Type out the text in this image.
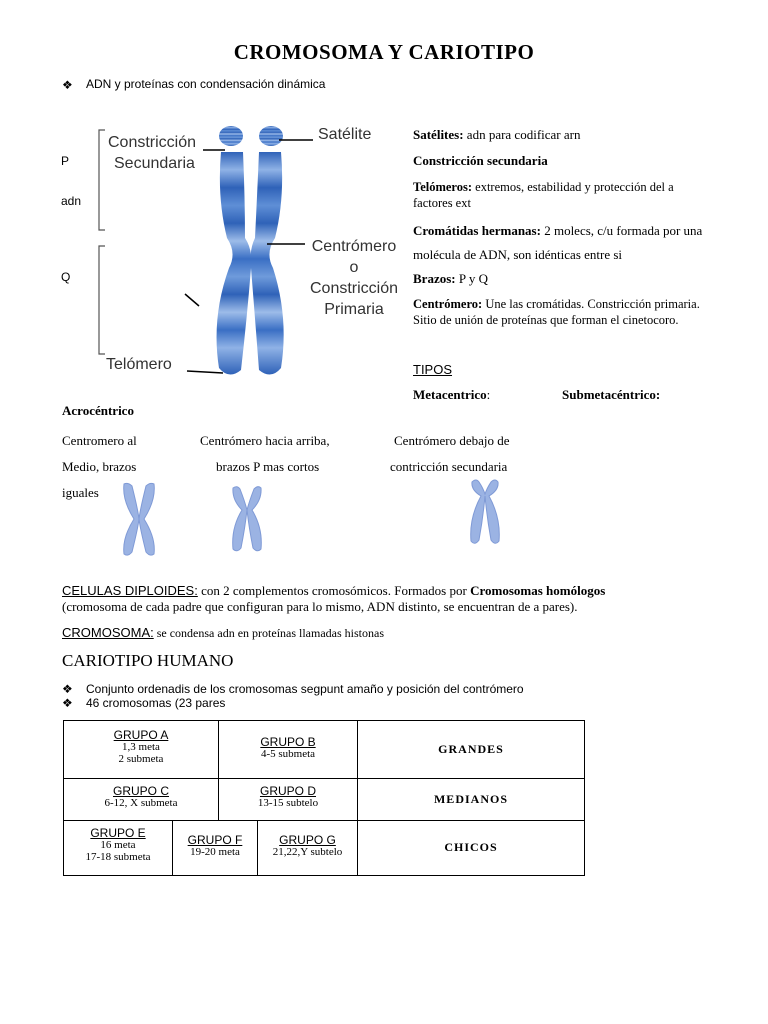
CROMOSOMA Y CARIOTIPO
❖ ADN y proteínas con condensación dinámica
P
adn
Q
Constricción
Secundaria
Satélite
Centrómero
o
Constricción
Primaria
Telómero
Satélites: adn para codificar arn
Constricción secundaria
Telómeros: extremos, estabilidad y protección del a factores ext
Cromátidas hermanas: 2 molecs, c/u formada por una molécula de ADN, son idénticas entre si
Brazos: P y Q
Centrómero: Une las cromátidas. Constricción primaria. Sitio de unión de proteínas que forman el cinetocoro.
TIPOS
Metacentrico:	Submetacéntrico:
Acrocéntrico
Centromero al
Medio, brazos
iguales
Centrómero hacia arriba,
brazos P mas cortos
Centrómero debajo de
contricción secundaria
CELULAS DIPLOIDES: con 2 complementos cromosómicos. Formados por Cromosomas homólogos
(cromosoma de cada padre que configuran para lo mismo, ADN distinto, se encuentran de a pares).
CROMOSOMA: se condensa adn en proteínas llamadas histonas
CARIOTIPO HUMANO
❖ Conjunto ordenadis de los cromosomas segpunt amaño y posición del contrómero
❖ 46 cromosomas (23 pares
GRUPO A
1,3 meta
2 submeta
GRUPO B
4-5 submeta	GRANDES
GRUPO C
6-12, X submeta
GRUPO D
13-15 subtelo	MEDIANOS
GRUPO E
16 meta
17-18 submeta
GRUPO F
19-20 meta
GRUPO G
21,22,Y subtelo	CHICOS
